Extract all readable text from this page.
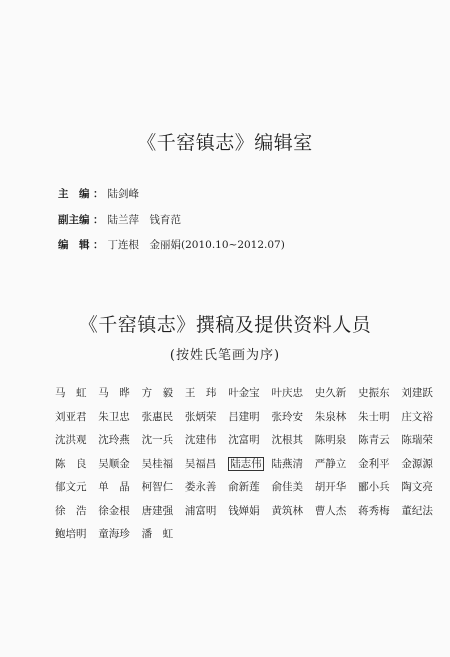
《千窑镇志》编辑室
主　编 ： 陆剑峰
副主编 ： 陆兰萍　钱育范
编　辑 ： 丁连根　金丽娟(2010.10~2012.07)
《千窑镇志》撰稿及提供资料人员
(按姓氏笔画为序)
马　虹 马　晔 方　毅 王　玮 叶金宝 叶庆忠 史久新 史振东 刘建跃
刘亚君 朱卫忠 张惠民 张炳荣 吕建明 张玲安 朱泉林 朱士明 庄文裕
沈洪观 沈玲燕 沈一兵 沈建伟 沈富明 沈根其 陈明泉 陈青云 陈瑞荣
陈　良 吴顺金 吴桂福 吴福昌 陆志伟 陆燕清 严静立 金利平 金源源
郁文元 单　晶 柯智仁 娄永善 俞新莲 俞佳美 胡开华 郦小兵 陶文亮
徐　浩 徐金根 唐建强 浦富明 钱婵娟 黄筑林 曹人杰 蒋秀梅 董纪法
鲍培明 童海珍 潘　虹
